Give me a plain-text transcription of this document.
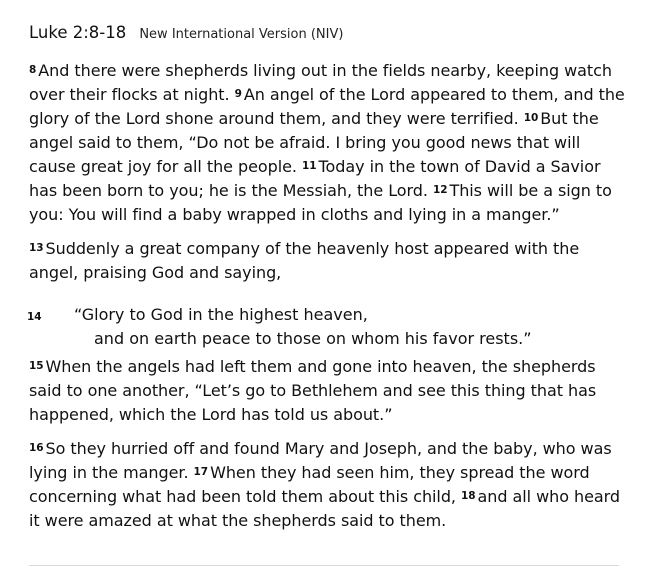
Luke 2:8-18 New International Version (NIV)

$^8$ And there were shepherds living out in the fields nearby, keeping watch over their flocks at night. $^9$ An angel of the Lord appeared to them, and the glory of the Lord shone around them, and they were terrified. $^{10}$ But the angel said to them, “Do not be afraid. I bring you good news that will cause great joy for all the people. $^{11}$ Today in the town of David a Savior has been born to you; he is the Messiah, the Lord. $^{12}$ This will be a sign to you: You will find a baby wrapped in cloths and lying in a manger.”

$^{13}$ Suddenly a great company of the heavenly host appeared with the angel, praising God and saying,

14	“Glory to God in the highest heaven,
and on earth peace to those on whom his favor rests.”

$^{15}$ When the angels had left them and gone into heaven, the shepherds said to one another, “Let’s go to Bethlehem and see this thing that has happened, which the Lord has told us about.”

$^{16}$ So they hurried off and found Mary and Joseph, and the baby, who was lying in the manger. $^{17}$ When they had seen him, they spread the word concerning what had been told them about this child, $^{18}$ and all who heard it were amazed at what the shepherds said to them.
